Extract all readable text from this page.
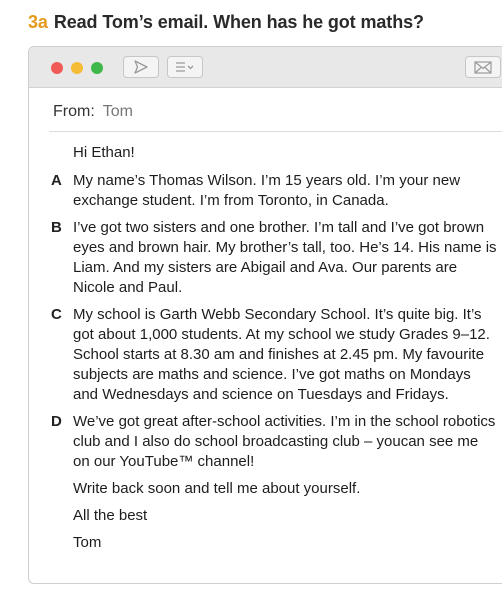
3a Read Tom’s email. When has he got maths?
From: Tom
Hi Ethan!
A My name’s Thomas Wilson. I’m 15 years old. I’m your new exchange student. I’m from Toronto, in Canada.
B I’ve got two sisters and one brother. I’m tall and I’ve got brown eyes and brown hair. My brother’s tall, too. He’s 14. His name is Liam. And my sisters are Abigail and Ava. Our parents are Nicole and Paul.
C My school is Garth Webb Secondary School. It’s quite big. It’s got about 1,000 students. At my school we study Grades 9–12. School starts at 8.30 am and finishes at 2.45 pm. My favourite subjects are maths and science. I’ve got maths on Mondays and Wednesdays and science on Tuesdays and Fridays.
D We’ve got great after-school activities. I’m in the school robotics club and I also do school broadcasting club – youcan see me on our YouTube™ channel!
Write back soon and tell me about yourself.
All the best
Tom
